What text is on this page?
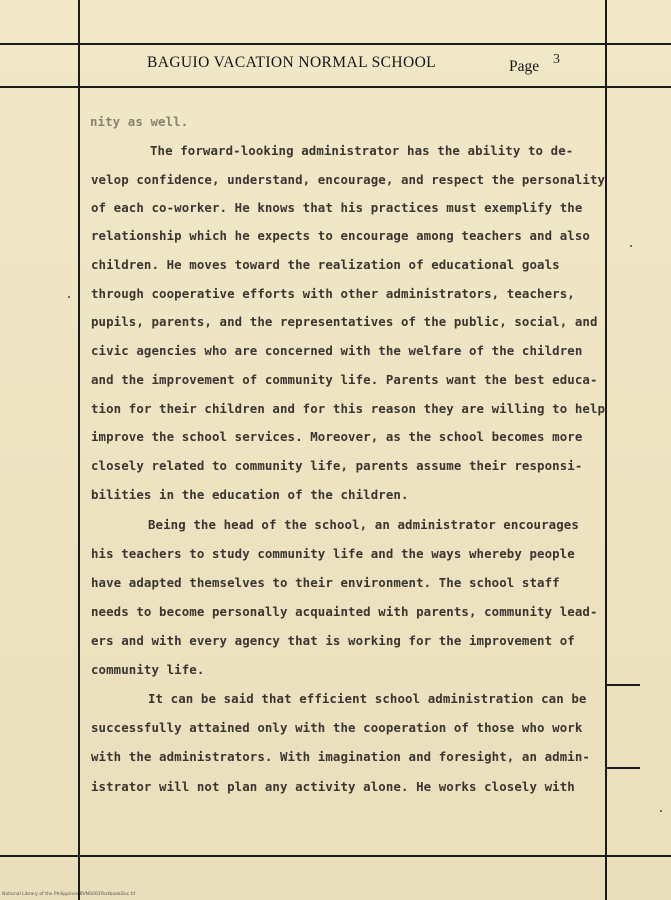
BAGUIO VACATION NORMAL SCHOOL	Page 3
nity as well.
The forward-looking administrator has the ability to de-
velop confidence, understand, encourage, and respect the personality
of each co-worker. He knows that his practices must exemplify the
relationship which he expects to encourage among teachers and also
children. He moves toward the realization of educational goals
through cooperative efforts with other administrators, teachers,
pupils, parents, and the representatives of the public, social, and
civic agencies who are concerned with the welfare of the children
and the improvement of community life. Parents want the best educa-
tion for their children and for this reason they are willing to help
improve the school services. Moreover, as the school becomes more
closely related to community life, parents assume their responsi-
bilities in the education of the children.
Being the head of the school, an administrator encourages
his teachers to study community life and the ways whereby people
have adapted themselves to their environment. The school staff
needs to become personally acquainted with parents, community lead-
ers and with every agency that is working for the improvement of
community life.
It can be said that efficient school administration can be
successfully attained only with the cooperation of those who work
with the administrators. With imagination and foresight, an admin-
istrator will not plan any activity alone. He works closely with
National Library of the Philippines BVNS003TextbookDoc.tif
